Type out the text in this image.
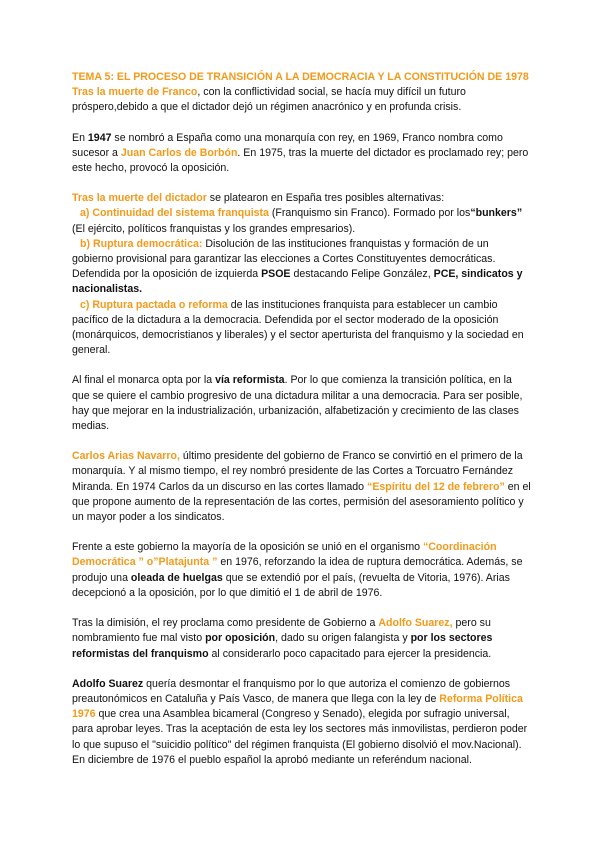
TEMA 5: EL PROCESO DE TRANSICIÓN A LA DEMOCRACIA Y LA CONSTITUCIÓN DE 1978

Tras la muerte de Franco, con la conflictividad social, se hacía muy difícil un futuro próspero,debido a que el dictador dejó un régimen anacrónico y en profunda crisis.

En 1947 se nombró a España como una monarquía con rey, en 1969, Franco nombra como sucesor a Juan Carlos de Borbón. En 1975, tras la muerte del dictador es proclamado rey; pero este hecho, provocó la oposición.

Tras la muerte del dictador se platearon en España tres posibles alternativas:
a) Continuidad del sistema franquista (Franquismo sin Franco). Formado por los“bunkers” (El ejército, políticos franquistas y los grandes empresarios).
b) Ruptura democrática: Disolución de las instituciones franquistas y formación de un gobierno provisional para garantizar las elecciones a Cortes Constituyentes democráticas. Defendida por la oposición de izquierda PSOE destacando Felipe González, PCE, sindicatos y nacionalistas.
c) Ruptura pactada o reforma de las instituciones franquista para establecer un cambio pacífico de la dictadura a la democracia. Defendida por el sector moderado de la oposición (monárquicos, democristianos y liberales) y el sector aperturista del franquismo y la sociedad en general.

Al final el monarca opta por la vía reformista. Por lo que comienza la transición política, en la que se quiere el cambio progresivo de una dictadura militar a una democracia. Para ser posible, hay que mejorar en la industrialización, urbanización, alfabetización y crecimiento de las clases medias.

Carlos Arias Navarro, último presidente del gobierno de Franco se convirtió en el primero de la monarquía. Y al mismo tiempo, el rey nombró presidente de las Cortes a Torcuatro Fernández Miranda. En 1974 Carlos da un discurso en las cortes llamado “Espíritu del 12 de febrero” en el que propone aumento de la representación de las cortes, permisión del asesoramiento político y un mayor poder a los sindicatos.

Frente a este gobierno la mayoría de la oposición se unió en el organismo “Coordinación Democrática ” o”Platajunta ” en 1976, reforzando la idea de ruptura democrática. Además, se produjo una oleada de huelgas que se extendió por el país, (revuelta de Vitoria, 1976). Arias decepcionó a la oposición, por lo que dimitió el 1 de abril de 1976.

Tras la dimisión, el rey proclama como presidente de Gobierno a Adolfo Suarez, pero su nombramiento fue mal visto por oposición, dado su origen falangista y por los sectores reformistas del franquismo al considerarlo poco capacitado para ejercer la presidencia.

Adolfo Suarez quería desmontar el franquismo por lo que autoriza el comienzo de gobiernos preautonómicos en Cataluña y País Vasco, de manera que llega con la ley de Reforma Política 1976 que crea una Asamblea bicameral (Congreso y Senado), elegida por sufragio universal, para aprobar leyes. Tras la aceptación de esta ley los sectores más inmovilistas, perdieron poder lo que supuso el "suicidio político" del régimen franquista (El gobierno disolvió el mov.Nacional). En diciembre de 1976 el pueblo español la aprobó mediante un referéndum nacional.
